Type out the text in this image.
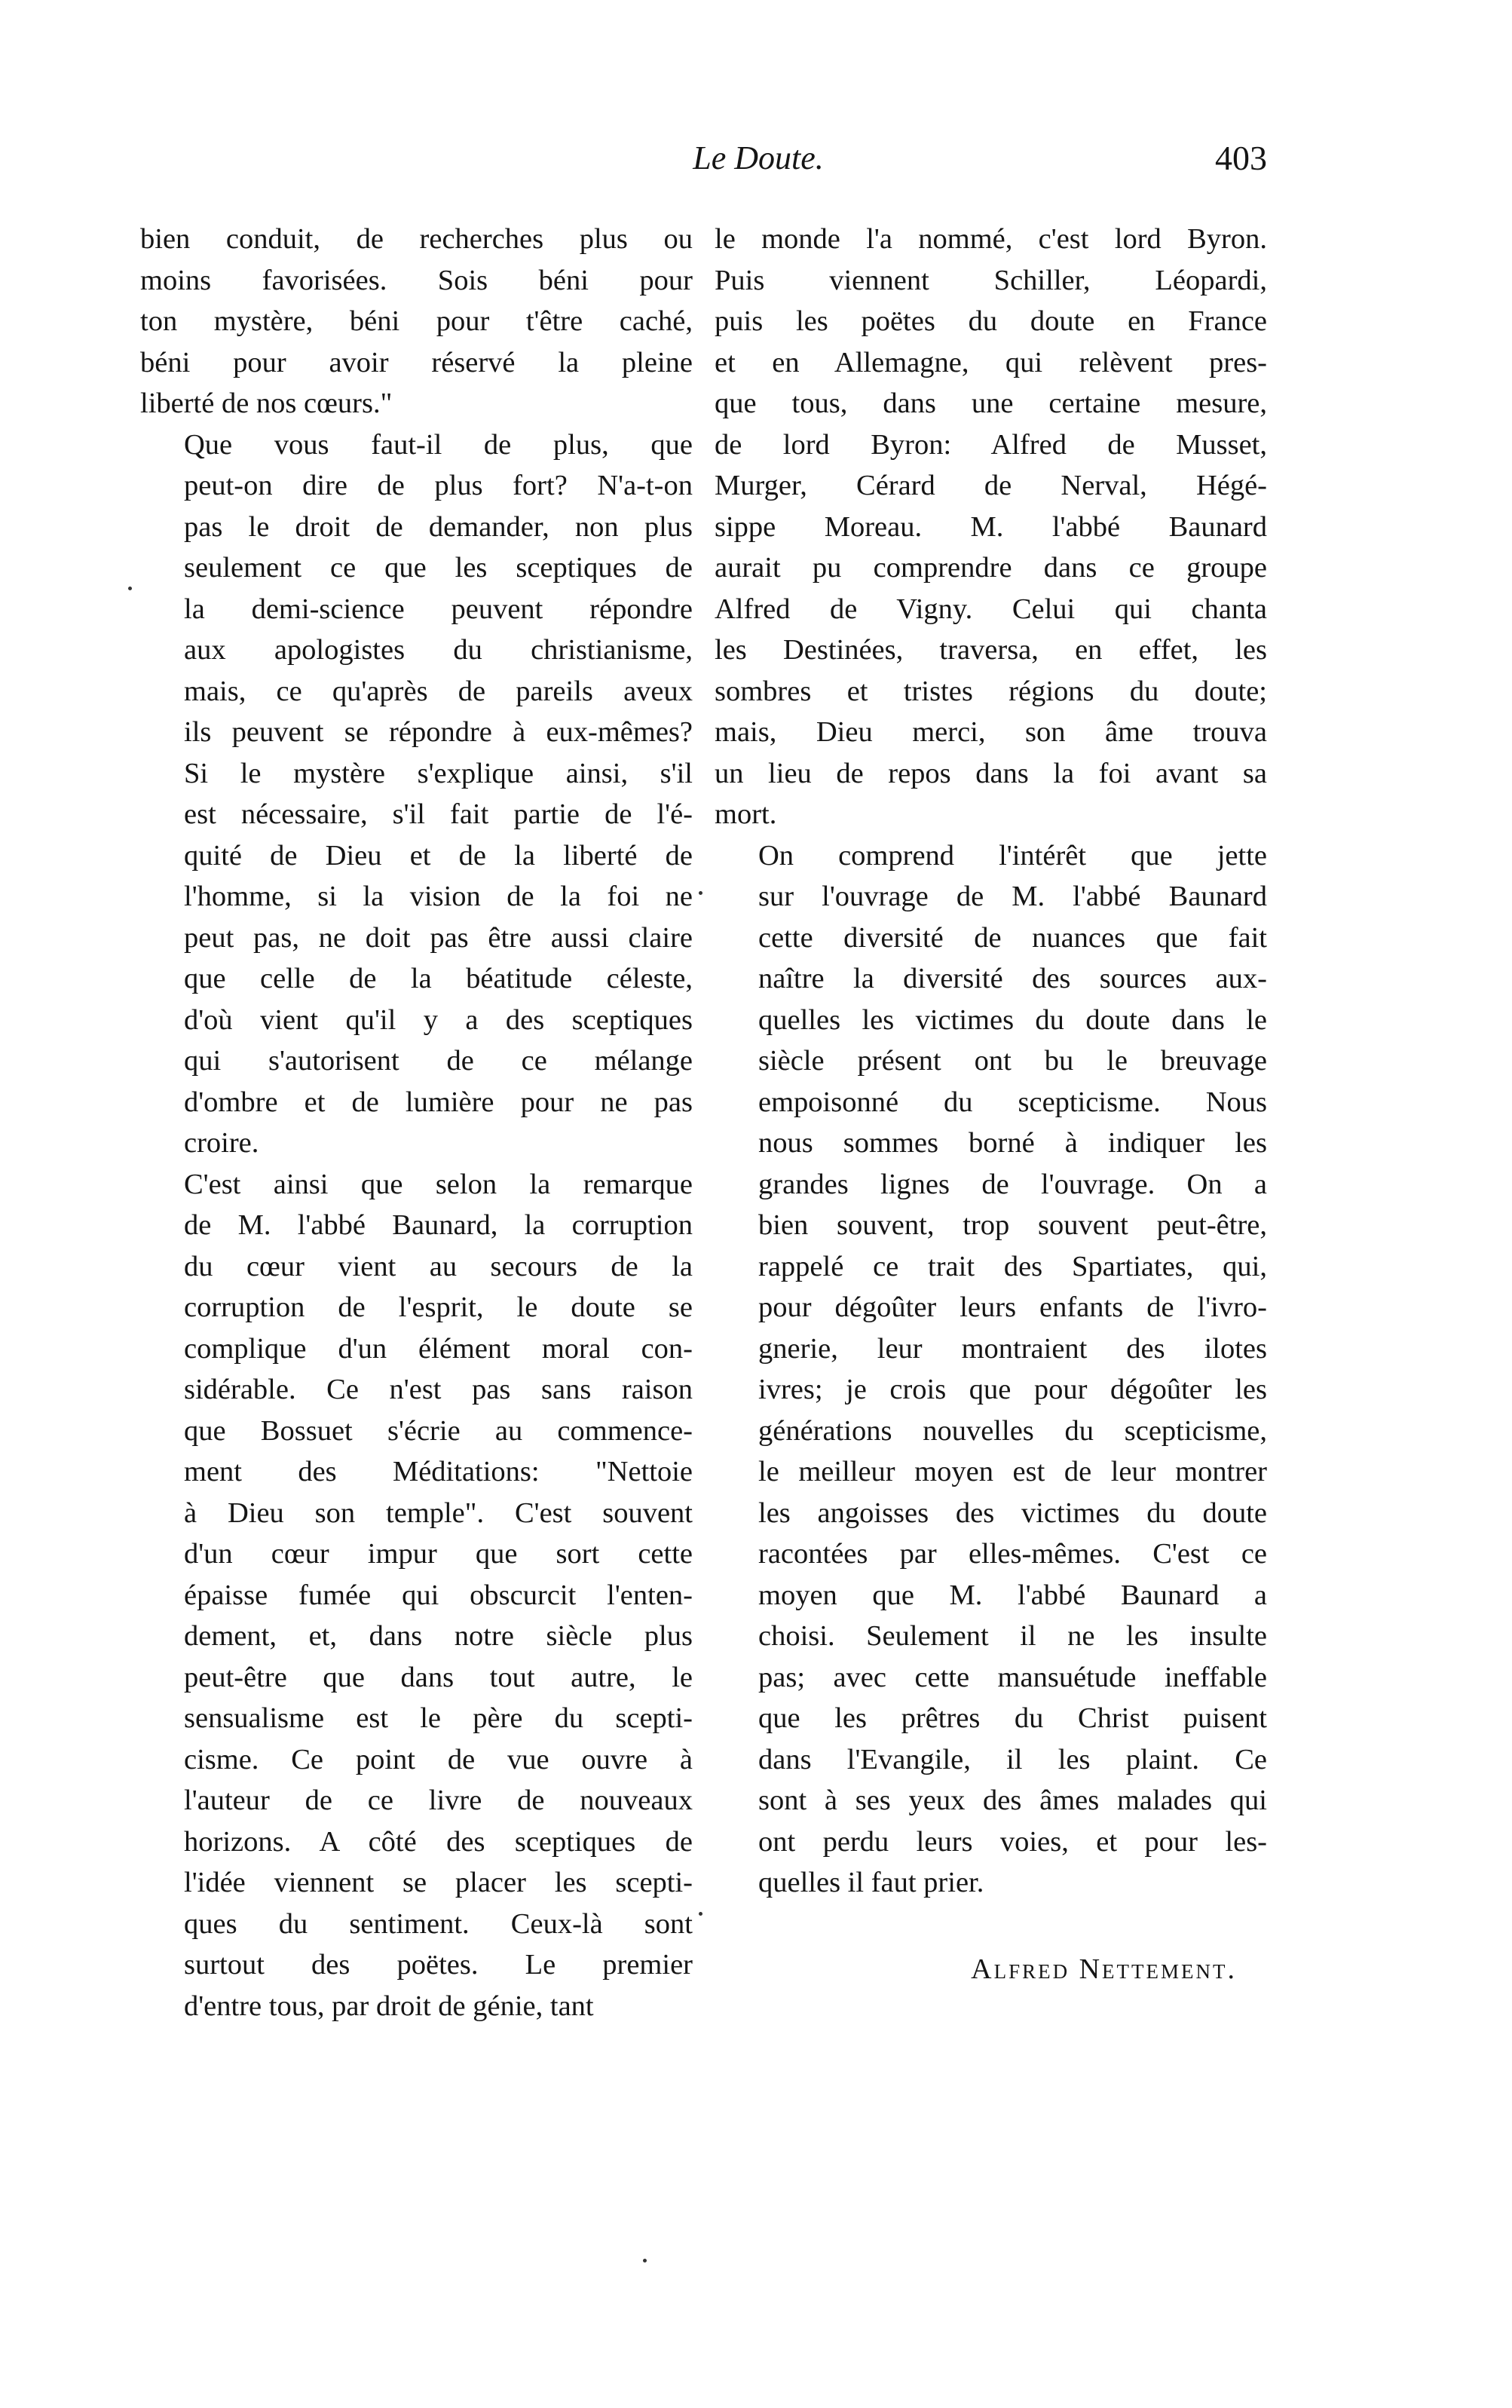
Le Doute.	403

bien conduit, de recherches plus ou
moins favorisées. Sois béni pour
ton mystère, béni pour t'être caché,
béni pour avoir réservé la pleine
liberté de nos cœurs."

Que vous faut-il de plus, que
peut-on dire de plus fort? N'a-t-on
pas le droit de demander, non plus
seulement ce que les sceptiques de
la demi-science peuvent répondre
aux apologistes du christianisme,
mais, ce qu'après de pareils aveux
ils peuvent se répondre à eux-mêmes?
Si le mystère s'explique ainsi, s'il
est nécessaire, s'il fait partie de l'é-
quité de Dieu et de la liberté de
l'homme, si la vision de la foi ne
peut pas, ne doit pas être aussi claire
que celle de la béatitude céleste,
d'où vient qu'il y a des sceptiques
qui s'autorisent de ce mélange
d'ombre et de lumière pour ne pas
croire.

C'est ainsi que selon la remarque
de M. l'abbé Baunard, la corruption
du cœur vient au secours de la
corruption de l'esprit, le doute se
complique d'un élément moral con-
sidérable. Ce n'est pas sans raison
que Bossuet s'écrie au commence-
ment des Méditations: "Nettoie
à Dieu son temple". C'est souvent
d'un cœur impur que sort cette
épaisse fumée qui obscurcit l'enten-
dement, et, dans notre siècle plus
peut-être que dans tout autre, le
sensualisme est le père du scepti-
cisme. Ce point de vue ouvre à
l'auteur de ce livre de nouveaux
horizons. A côté des sceptiques de
l'idée viennent se placer les scepti-
ques du sentiment. Ceux-là sont
surtout des poëtes. Le premier
d'entre tous, par droit de génie, tant

le monde l'a nommé, c'est lord Byron.
Puis viennent Schiller, Léopardi,
puis les poëtes du doute en France
et en Allemagne, qui relèvent pres-
que tous, dans une certaine mesure,
de lord Byron: Alfred de Musset,
Murger, Cérard de Nerval, Hégé-
sippe Moreau. M. l'abbé Baunard
aurait pu comprendre dans ce groupe
Alfred de Vigny. Celui qui chanta
les Destinées, traversa, en effet, les
sombres et tristes régions du doute;
mais, Dieu merci, son âme trouva
un lieu de repos dans la foi avant sa
mort.

On comprend l'intérêt que jette
sur l'ouvrage de M. l'abbé Baunard
cette diversité de nuances que fait
naître la diversité des sources aux-
quelles les victimes du doute dans le
siècle présent ont bu le breuvage
empoisonné du scepticisme. Nous
nous sommes borné à indiquer les
grandes lignes de l'ouvrage. On a
bien souvent, trop souvent peut-être,
rappelé ce trait des Spartiates, qui,
pour dégoûter leurs enfants de l'ivro-
gnerie, leur montraient des ilotes
ivres; je crois que pour dégoûter les
générations nouvelles du scepticisme,
le meilleur moyen est de leur montrer
les angoisses des victimes du doute
racontées par elles-mêmes. C'est ce
moyen que M. l'abbé Baunard a
choisi. Seulement il ne les insulte
pas; avec cette mansuétude ineffable
que les prêtres du Christ puisent
dans l'Evangile, il les plaint. Ce
sont à ses yeux des âmes malades qui
ont perdu leurs voies, et pour les-
quelles il faut prier.

Alfred Nettement.
